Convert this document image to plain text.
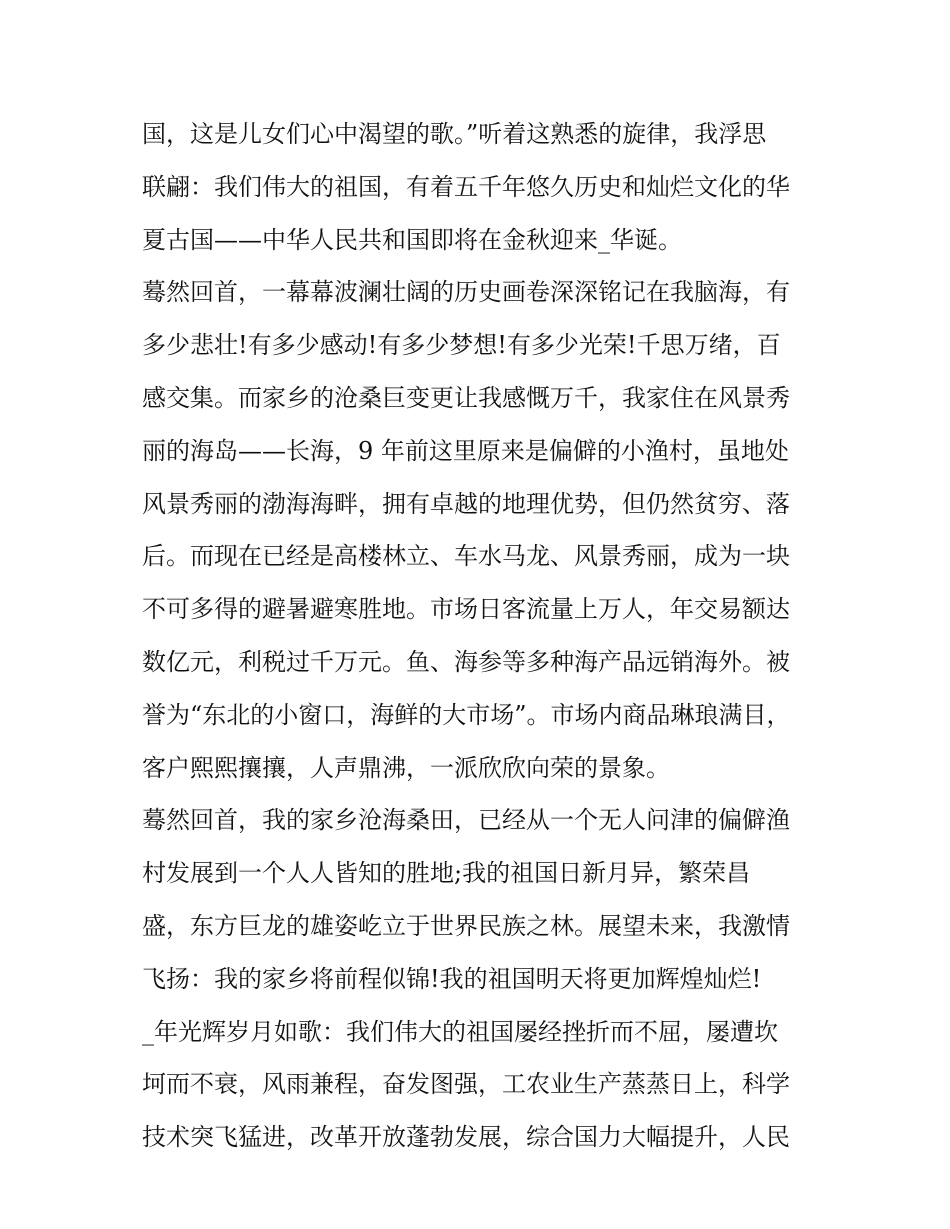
国，这是儿女们心中渴望的歌。”听着这熟悉的旋律，我浮思
联翩：我们伟大的祖国，有着五千年悠久历史和灿烂文化的华
夏古国——中华人民共和国即将在金秋迎来_华诞。
蓦然回首，一幕幕波澜壮阔的历史画卷深深铭记在我脑海，有
多少悲壮!有多少感动!有多少梦想!有多少光荣!千思万绪，百
感交集。而家乡的沧桑巨变更让我感慨万千，我家住在风景秀
丽的海岛——长海，9 年前这里原来是偏僻的小渔村，虽地处
风景秀丽的渤海海畔，拥有卓越的地理优势，但仍然贫穷、落
后。而现在已经是高楼林立、车水马龙、风景秀丽，成为一块
不可多得的避暑避寒胜地。市场日客流量上万人，年交易额达
数亿元，利税过千万元。鱼、海参等多种海产品远销海外。被
誉为“东北的小窗口，海鲜的大市场”。市场内商品琳琅满目，
客户熙熙攘攘，人声鼎沸，一派欣欣向荣的景象。
蓦然回首，我的家乡沧海桑田，已经从一个无人问津的偏僻渔
村发展到一个人人皆知的胜地;我的祖国日新月异，繁荣昌
盛，东方巨龙的雄姿屹立于世界民族之林。展望未来，我激情
飞扬：我的家乡将前程似锦!我的祖国明天将更加辉煌灿烂!
_年光辉岁月如歌：我们伟大的祖国屡经挫折而不屈，屡遭坎
坷而不衰，风雨兼程，奋发图强，工农业生产蒸蒸日上，科学
技术突飞猛进，改革开放蓬勃发展，综合国力大幅提升，人民
